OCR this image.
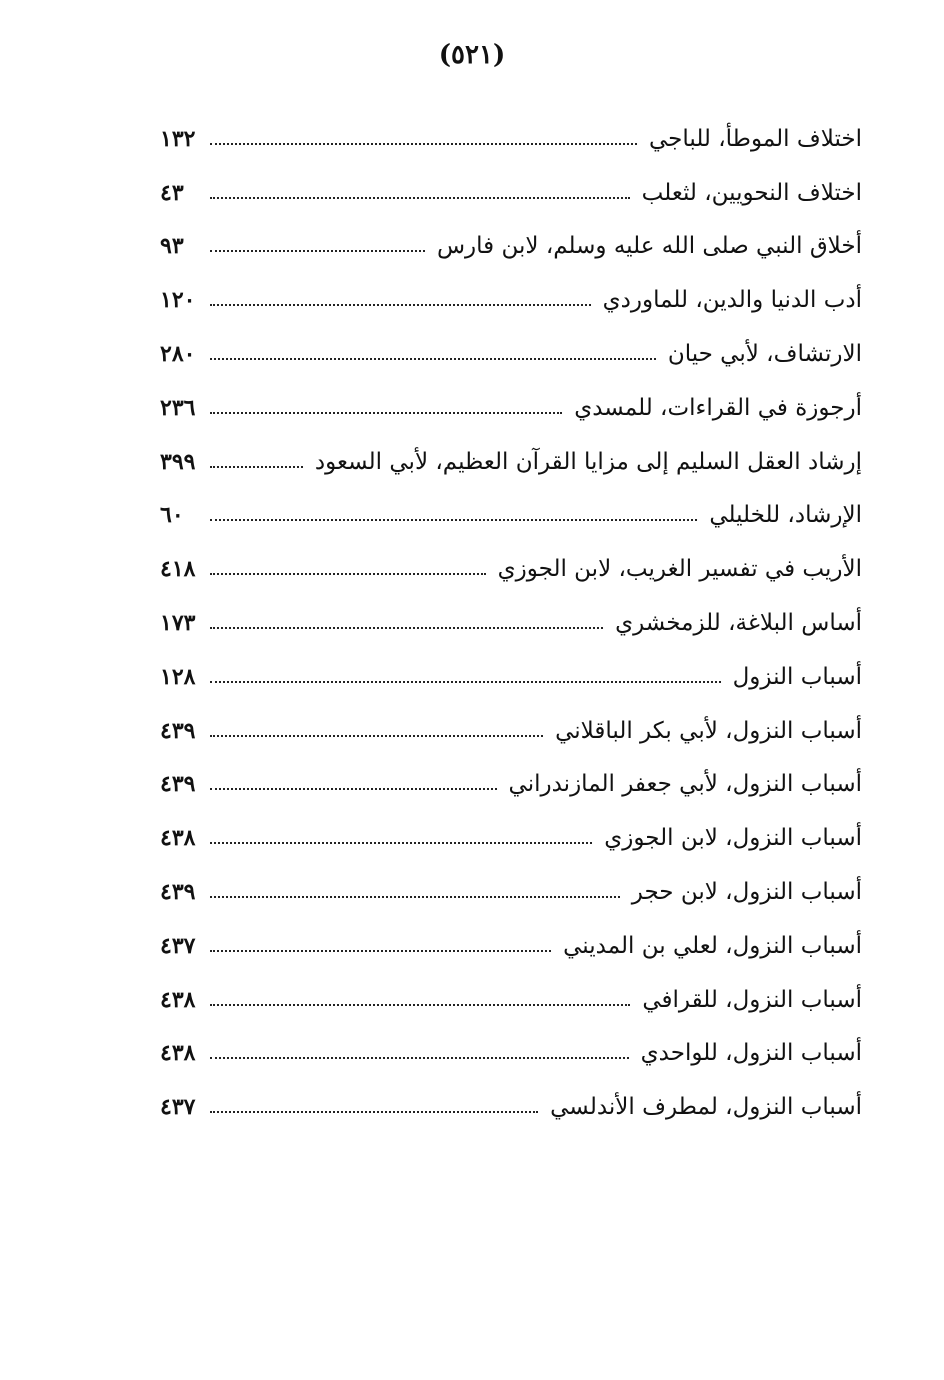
(٥٢١)
اختلاف الموطأ، للباجي
١٣٢
اختلاف النحويين، لثعلب
٤٣
أخلاق النبي صلى الله عليه وسلم، لابن فارس
٩٣
أدب الدنيا والدين، للماوردي
١٢٠
الارتشاف، لأبي حيان
٢٨٠
أرجوزة في القراءات، للمسدي
٢٣٦
إرشاد العقل السليم إلى مزايا القرآن العظيم، لأبي السعود
٣٩٩
الإرشاد، للخليلي
٦٠
الأريب في تفسير الغريب، لابن الجوزي
٤١٨
أساس البلاغة، للزمخشري
١٧٣
أسباب النزول
١٢٨
أسباب النزول، لأبي بكر الباقلاني
٤٣٩
أسباب النزول، لأبي جعفر المازندراني
٤٣٩
أسباب النزول، لابن الجوزي
٤٣٨
أسباب النزول، لابن حجر
٤٣٩
أسباب النزول، لعلي بن المديني
٤٣٧
أسباب النزول، للقرافي
٤٣٨
أسباب النزول، للواحدي
٤٣٨
أسباب النزول، لمطرف الأندلسي
٤٣٧
